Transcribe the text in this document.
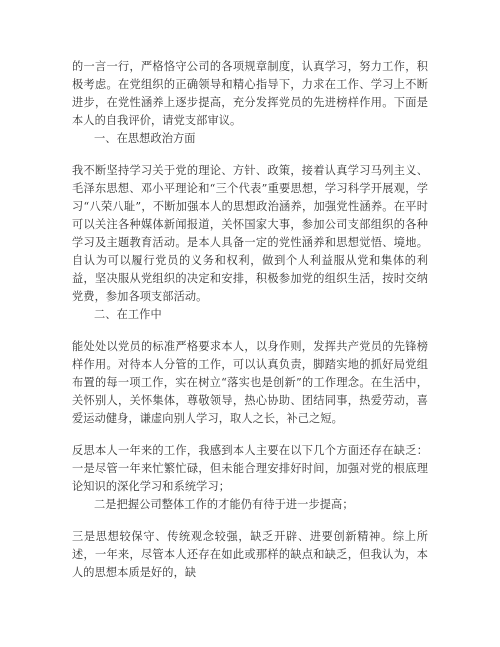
的一言一行，严格恪守公司的各项规章制度，认真学习，努力工作，积极考虑。在党组织的正确领导和精心指导下，力求在工作、学习上不断进步，在党性涵养上逐步提高，充分发挥党员的先进榜样作用。下面是本人的自我评价，请党支部审议。

一、在思想政治方面

我不断坚持学习关于党的理论、方针、政策，接着认真学习马列主义、毛泽东思想、邓小平理论和“三个代表”重要思想，学习科学开展观，学习“八荣八耻”，不断加强本人的思想政治涵养，加强党性涵养。在平时可以关注各种媒体新闻报道，关怀国家大事，参加公司支部组织的各种学习及主题教育活动。是本人具备一定的党性涵养和思想觉悟、境地。自认为可以履行党员的义务和权利，做到个人利益服从党和集体的利益，坚决服从党组织的决定和安排，积极参加党的组织生活，按时交纳党费，参加各项支部活动。

二、在工作中

能处处以党员的标准严格要求本人，以身作则，发挥共产党员的先锋榜样作用。对待本人分管的工作，可以认真负责，脚踏实地的抓好局党组布置的每一项工作，实在树立“落实也是创新”的工作理念。在生活中，关怀别人，关怀集体，尊敬领导，热心协助、团结同事，热爱劳动，喜爱运动健身，谦虚向别人学习，取人之长，补己之短。

反思本人一年来的工作，我感到本人主要在以下几个方面还存在缺乏：一是尽管一年来忙繁忙碌，但未能合理安排好时间，加强对党的根底理论知识的深化学习和系统学习；

二是把握公司整体工作的才能仍有待于进一步提高；

三是思想较保守、传统观念较强，缺乏开辟、进要创新精神。综上所述，一年来，尽管本人还存在如此或那样的缺点和缺乏，但我认为，本人的思想本质是好的，缺
